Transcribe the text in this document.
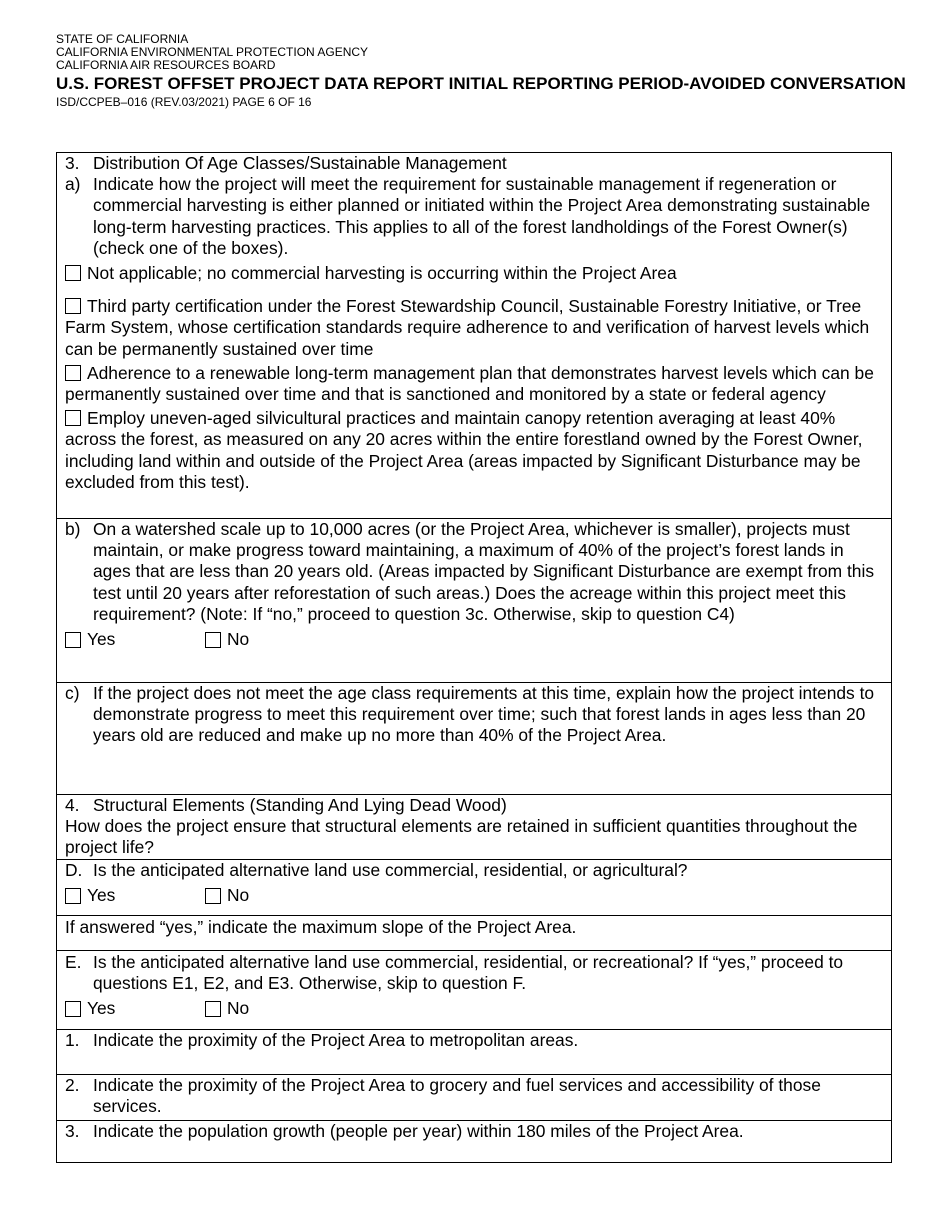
STATE OF CALIFORNIA
CALIFORNIA ENVIRONMENTAL PROTECTION AGENCY
CALIFORNIA AIR RESOURCES BOARD
U.S. FOREST OFFSET PROJECT DATA REPORT INITIAL REPORTING PERIOD-AVOIDED CONVERSATION
ISD/CCPEB–016 (REV.03/2021) PAGE 6 OF 16
3. Distribution Of Age Classes/Sustainable Management
a) Indicate how the project will meet the requirement for sustainable management if regeneration or commercial harvesting is either planned or initiated within the Project Area demonstrating sustainable long-term harvesting practices. This applies to all of the forest landholdings of the Forest Owner(s) (check one of the boxes).
Not applicable; no commercial harvesting is occurring within the Project Area

Third party certification under the Forest Stewardship Council, Sustainable Forestry Initiative, or Tree Farm System, whose certification standards require adherence to and verification of harvest levels which can be permanently sustained over time

Adherence to a renewable long-term management plan that demonstrates harvest levels which can be permanently sustained over time and that is sanctioned and monitored by a state or federal agency

Employ uneven-aged silvicultural practices and maintain canopy retention averaging at least 40% across the forest, as measured on any 20 acres within the entire forestland owned by the Forest Owner, including land within and outside of the Project Area (areas impacted by Significant Disturbance may be excluded from this test).

b) On a watershed scale up to 10,000 acres (or the Project Area, whichever is smaller), projects must maintain, or make progress toward maintaining, a maximum of 40% of the project’s forest lands in ages that are less than 20 years old. (Areas impacted by Significant Disturbance are exempt from this test until 20 years after reforestation of such areas.) Does the acreage within this project meet this requirement? (Note: If “no,” proceed to question 3c. Otherwise, skip to question C4)
Yes	No
c) If the project does not meet the age class requirements at this time, explain how the project intends to demonstrate progress to meet this requirement over time; such that forest lands in ages less than 20 years old are reduced and make up no more than 40% of the Project Area.
4. Structural Elements (Standing And Lying Dead Wood)

How does the project ensure that structural elements are retained in sufficient quantities throughout the project life?

D. Is the anticipated alternative land use commercial, residential, or agricultural?
Yes	No

If answered “yes,” indicate the maximum slope of the Project Area.

E. Is the anticipated alternative land use commercial, residential, or recreational? If “yes,” proceed to questions E1, E2, and E3. Otherwise, skip to question F.
Yes	No
1. Indicate the proximity of the Project Area to metropolitan areas.
2. Indicate the proximity of the Project Area to grocery and fuel services and accessibility of those services.
3. Indicate the population growth (people per year) within 180 miles of the Project Area.
